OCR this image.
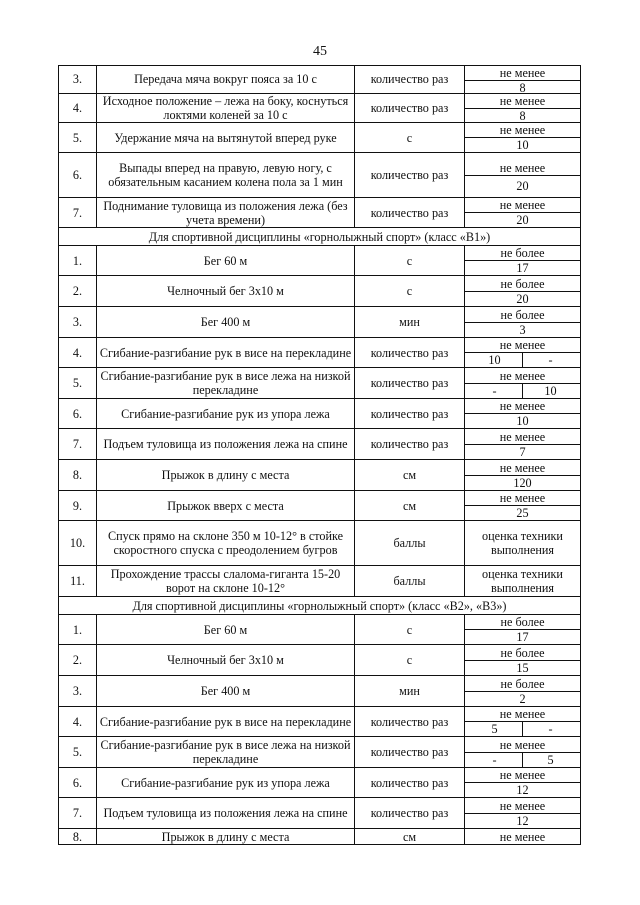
45
3.	Передача мяча вокруг пояса за 10 с	количество раз	не менее
8

4.	Исходное положение – лежа на боку, коснуться локтями коленей за 10 с	количество раз	не менее
8

5.	Удержание мяча на вытянутой вперед руке	с	не менее
10

6.	Выпады вперед на правую, левую ногу, с обязательным касанием колена пола за 1 мин	количество раз	не менее
20

7.	Поднимание туловища из положения лежа (без учета времени)	количество раз	не менее
20

Для спортивной дисциплины «горнолыжный спорт» (класс «В1»)			
1.	Бег 60 м	с	не более
17

2.	Челночный бег 3х10 м	с	не более
20

3.	Бег 400 м	мин	не более
3

4.	Сгибание-разгибание рук в висе на перекладине	количество раз	не менее
10 -

5.	Сгибание-разгибание рук в висе лежа на низкой перекладине	количество раз	не менее
- 10

6.	Сгибание-разгибание рук из упора лежа	количество раз	не менее
10

7.	Подъем туловища из положения лежа на спине	количество раз	не менее
7

8.	Прыжок в длину с места	см	не менее
120

9.	Прыжок вверх с места	см	не менее
25

10.	Спуск прямо на склоне 350 м 10-12° в стойке скоростного спуска с преодолением бугров	баллы	оценка техники выполнения

11.	Прохождение трассы слалома-гиганта 15-20 ворот на склоне 10-12°	баллы	оценка техники выполнения

Для спортивной дисциплины «горнолыжный спорт» (класс «В2», «В3»)			
1.	Бег 60 м	с	не более
17

2.	Челночный бег 3х10 м	с	не более
15

3.	Бег 400 м	мин	не более
2

4.	Сгибание-разгибание рук в висе на перекладине	количество раз	не менее
5 -

5.	Сгибание-разгибание рук в висе лежа на низкой перекладине	количество раз	не менее
- 5

6.	Сгибание-разгибание рук из упора лежа	количество раз	не менее
12

7.	Подъем туловища из положения лежа на спине	количество раз	не менее
12

8.	Прыжок в длину с места	см	не менее
